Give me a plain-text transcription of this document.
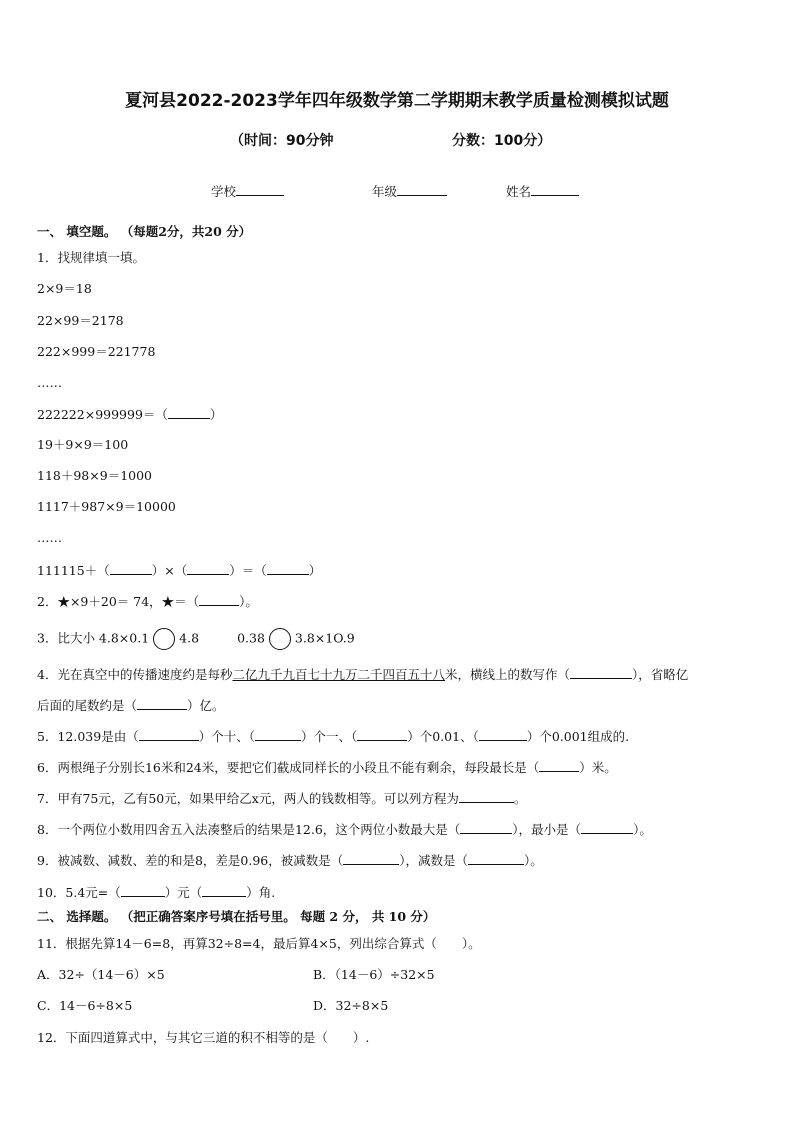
夏河县2022-2023学年四年级数学第二学期期末教学质量检测模拟试题
（时间：90分钟	分数：100分）
学校	年级	姓名
一、 填空题。 （每题2分，共20 分）
1．找规律填一填。
2×9＝18
22×99＝2178
222×999＝221778
……
222222×999999＝（	）
19＋9×9＝100
118＋98×9＝1000
1117＋987×9＝10000
……
111115＋（	）×（	）＝（	）
2．★×9＋20＝ 74，★＝（	）。
3．比大小 4.8×0.1 4.8	0.38 3.8×1O.9
4．光在真空中的传播速度约是每秒二亿九千九百七十九万二千四百五十八米，横线上的数写作（	），省略亿
后面的尾数约是（	）亿。
5．12.039是由（	）个十、（	）个一、（	）个0.01、（	）个0.001组成的.
6．两根绳子分别长16米和24米，要把它们截成同样长的小段且不能有剩余，每段最长是（	）米。
7．甲有75元，乙有50元，如果甲给乙x元，两人的钱数相等。可以列方程为	。
8．一个两位小数用四舍五入法凑整后的结果是12.6，这个两位小数最大是（	），最小是（	）。
9．被减数、减数、差的和是8，差是0.96，被减数是（	），减数是（	）。
10．5.4元=（	）元（	）角.
二、 选择题。 （把正确答案序号填在括号里。 每题 2 分， 共 10 分）
11．根据先算14－6=8，再算32÷8=4，最后算4×5，列出综合算式（　　）。
A．32÷（14－6）×5	B．（14－6）÷32×5
C．14－6÷8×5	D．32÷8×5
12．下面四道算式中，与其它三道的积不相等的是（　　）.
